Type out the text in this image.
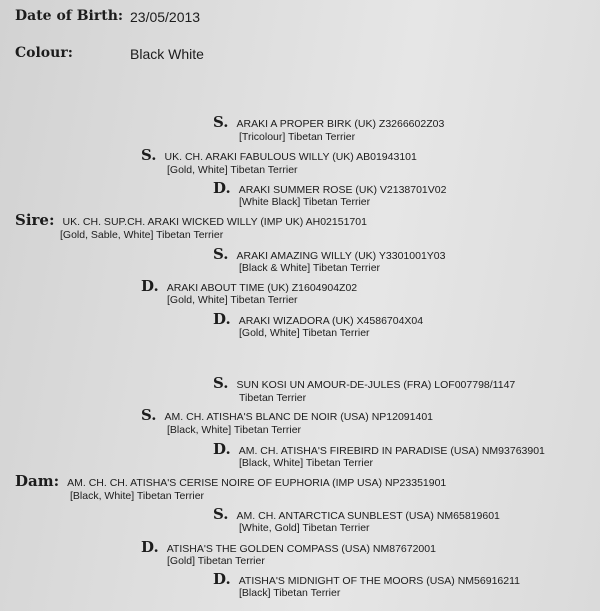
Date of Birth: 23/05/2013
Colour:	Black White
S. ARAKI A PROPER BIRK (UK) Z3266602Z03
[Tricolour] Tibetan Terrier
S. UK. CH. ARAKI FABULOUS WILLY (UK) AB01943101
[Gold, White] Tibetan Terrier
D. ARAKI SUMMER ROSE (UK) V2138701V02
[White Black] Tibetan Terrier
Sire: UK. CH. SUP.CH. ARAKI WICKED WILLY (IMP UK) AH02151701
[Gold, Sable, White] Tibetan Terrier
S. ARAKI AMAZING WILLY (UK) Y3301001Y03
[Black & White] Tibetan Terrier
D. ARAKI ABOUT TIME (UK) Z1604904Z02
[Gold, White] Tibetan Terrier
D. ARAKI WIZADORA (UK) X4586704X04
[Gold, White] Tibetan Terrier
S. SUN KOSI UN AMOUR-DE-JULES (FRA) LOF007798/1147
Tibetan Terrier
S. AM. CH. ATISHA'S BLANC DE NOIR (USA) NP12091401
[Black, White] Tibetan Terrier
D. AM. CH. ATISHA'S FIREBIRD IN PARADISE (USA) NM93763901
[Black, White] Tibetan Terrier
Dam: AM. CH. CH. ATISHA'S CERISE NOIRE OF EUPHORIA (IMP USA) NP23351901
[Black, White] Tibetan Terrier
S. AM. CH. ANTARCTICA SUNBLEST (USA) NM65819601
[White, Gold] Tibetan Terrier
D. ATISHA'S THE GOLDEN COMPASS (USA) NM87672001
[Gold] Tibetan Terrier
D. ATISHA'S MIDNIGHT OF THE MOORS (USA) NM56916211
[Black] Tibetan Terrier
